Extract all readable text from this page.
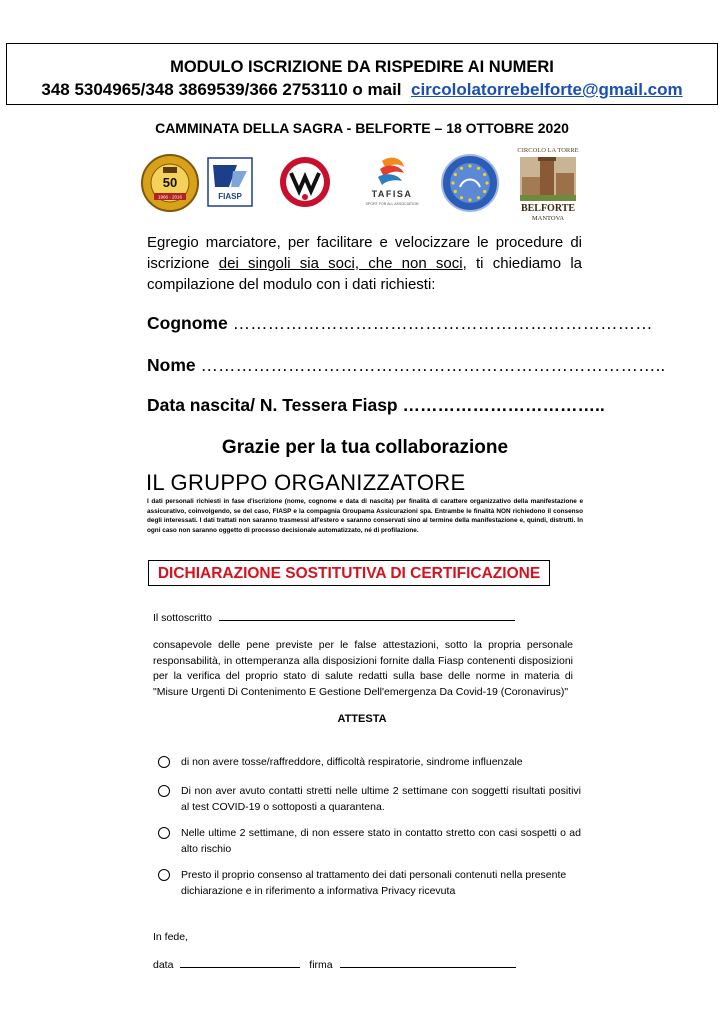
MODULO ISCRIZIONE DA RISPEDIRE AI NUMERI
348 5304965/348 3869539/366 2753110 o mail circololatorrebelforte@gmail.com
CAMMINATA DELLA SAGRA - BELFORTE – 18 OTTOBRE 2020
50
1966 - 2016	FIASP	TAFISA
SPORT FOR ALL ASSOCIATION
CIRCOLO LA TORRE
BELFORTE
MANTOVA
Egregio marciatore, per facilitare e velocizzare le procedure di iscrizione dei singoli sia soci, che non soci, ti chiediamo la compilazione del modulo con i dati richiesti:
Cognome ………………………………………………………………
Nome ……………………………………………………………………..
Data nascita/ N. Tessera Fiasp ……………………………..
Grazie per la tua collaborazione
IL GRUPPO ORGANIZZATORE
I dati personali richiesti in fase d'iscrizione (nome, cognome e data di nascita) per finalità di carattere organizzativo della manifestazione e assicurativo, coinvolgendo, se del caso, FIASP e la compagnia Groupama Assicurazioni spa. Entrambe le finalità NON richiedono il consenso degli interessati. I dati trattati non saranno trasmessi all'estero e saranno conservati sino al termine della manifestazione e, quindi, distrutti. In ogni caso non saranno oggetto di processo decisionale automatizzato, né di profilazione.
DICHIARAZIONE SOSTITUTIVA DI CERTIFICAZIONE
Il sottoscritto
consapevole delle pene previste per le false attestazioni, sotto la propria personale responsabilità, in ottemperanza alla disposizioni fornite dalla Fiasp contenenti disposizioni per la verifica del proprio stato di salute redatti sulla base delle norme in materia di "Misure Urgenti Di Contenimento E Gestione Dell'emergenza Da Covid-19 (Coronavirus)"
ATTESTA
di non avere tosse/raffreddore, difficoltà respiratorie, sindrome influenzale
Di non aver avuto contatti stretti nelle ultime 2 settimane con soggetti risultati positivi al test COVID-19 o sottoposti a quarantena.
Nelle ultime 2 settimane, di non essere stato in contatto stretto con casi sospetti o ad alto rischio
Presto il proprio consenso al trattamento dei dati personali contenuti nella presente dichiarazione e in riferimento a informativa Privacy ricevuta
In fede,
data	firma
